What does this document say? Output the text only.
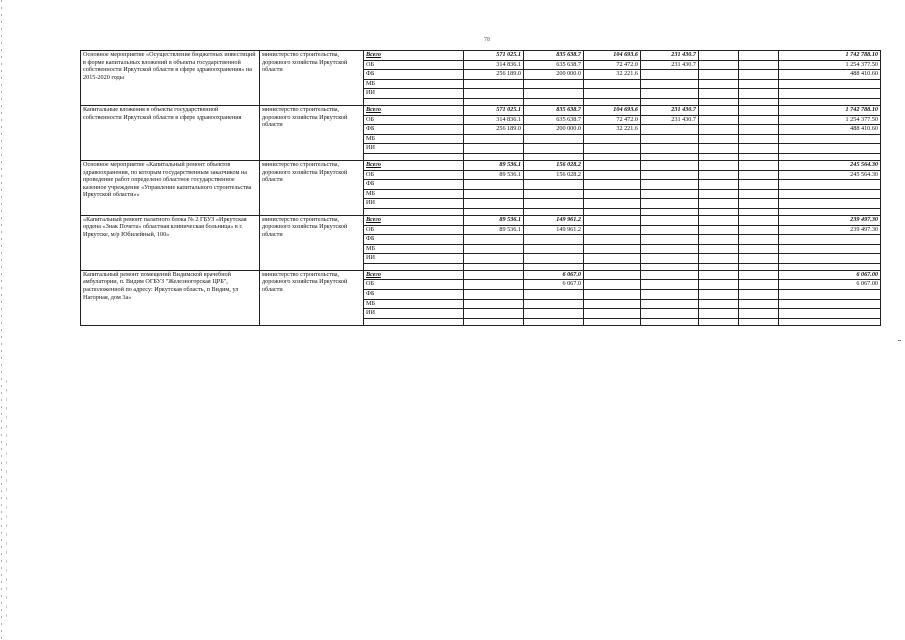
78
Основное мероприятие «Осуществление бюджетных инвестиций в форме капитальных вложений в объекты государственной собственности Иркутской области в сфере здравоохранения» на 2015-2020 годы	министерство строительства, дорожного хозяйства Иркутской области	Всего	571 025.1	835 638.7	104 693.6	231 430.7			1 742 788.10
		ОБ	314 836.1	635 638.7	72 472.0	231 430.7			1 254 377.50
		ФБ	256 189.0	200 000.0	32 221.6				488 410.60
		МБ							
		ИИ							

Капитальные вложения в объекты государственной собственности Иркутской области в сфере здравоохранения	министерство строительства, дорожного хозяйства Иркутской области	Всего	571 025.1	835 638.7	104 693.6	231 430.7			1 742 788.10
		ОБ	314 836.1	635 638.7	72 472.0	231 430.7			1 254 377.50
		ФБ	256 189.0	200 000.0	32 221.6				488 410.60
		МБ							
		ИИ							

Основное мероприятие «Капитальный ремонт объектов здравоохранения, по которым государственным заказчиком на проведение работ определено областное государственное казенное учреждение «Управление капитального строительства Иркутской области»»	министерство строительства, дорожного хозяйства Иркутской области	Всего	89 536.1	156 028.2					245 564.30
		ОБ	89 536.1	156 028.2					245 564.30
		ФБ							
		МБ							
		ИИ							

«Капитальный ремонт палатного блока № 2 ГБУЗ «Иркутская ордена «Знак Почета» областная клиническая больница» в г. Иркутске, м/р Юбилейный, 100»	министерство строительства, дорожного хозяйства Иркутской области	Всего	89 536.1	149 961.2					239 497.30
		ОБ	89 536.1	149 961.2					239 497.30
		ФБ							
		МБ							
		ИИ							

Капитальный ремонт помещений Видимской врачебной амбулатории, п. Видим ОГБУЗ "Железногорская ЦРБ", расположенной по адресу: Иркутская область, п Видим, ул Нагорная, дом 3а»	министерство строительства, дорожного хозяйства Иркутской области	Всего		6 067.0					6 067.00
		ОБ		6 067.0					6 067.00
		ФБ							
		МБ							
		ИИ							
